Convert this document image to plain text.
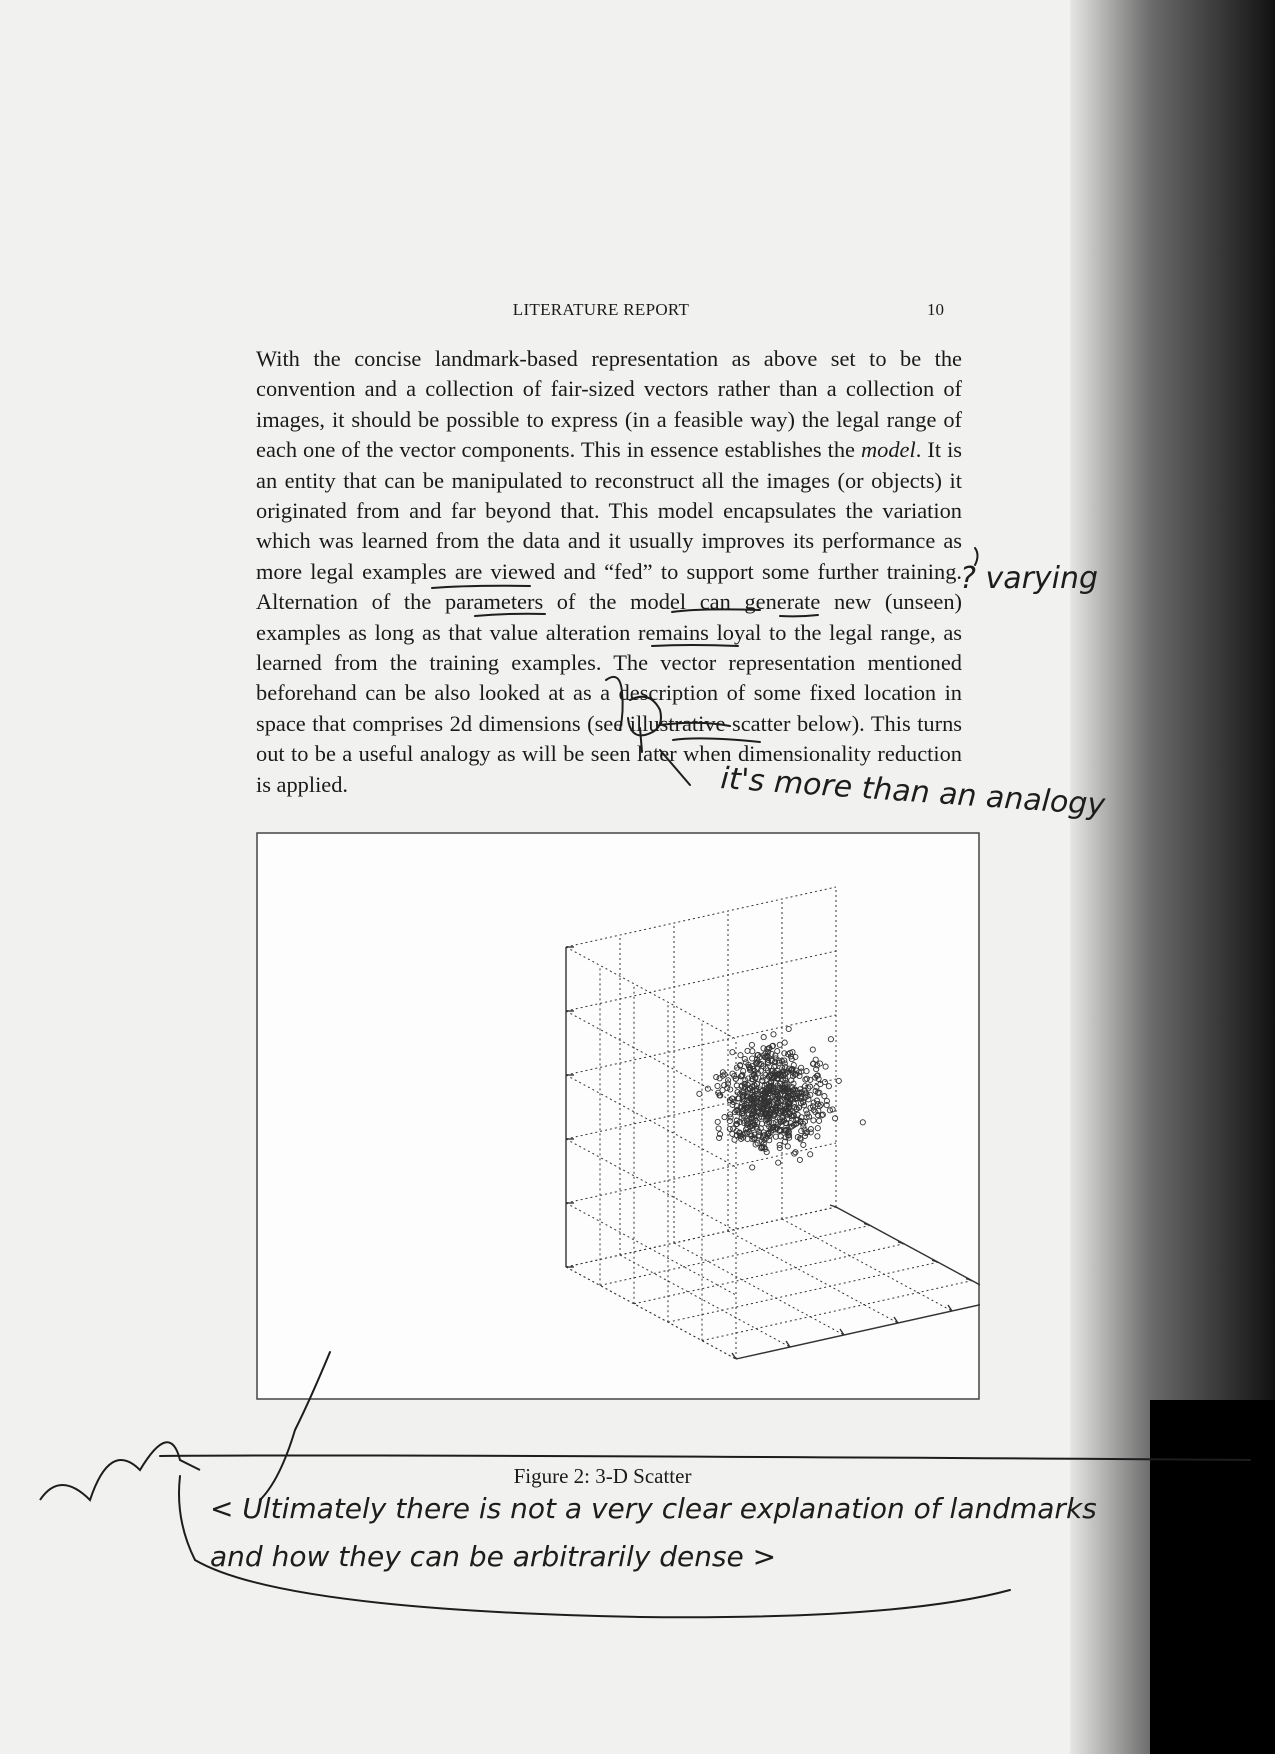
LITERATURE REPORT	10

With the concise landmark-based representation as above set to be the convention and a collection of fair-sized vectors rather than a collection of images, it should be possible to express (in a feasible way) the legal range of each one of the vector components. This in essence establishes the model. It is an entity that can be manipulated to reconstruct all the images (or objects) it originated from and far beyond that. This model encapsulates the variation which was learned from the data and it usually improves its performance as more legal examples are viewed and “fed” to support some further training. Alternation of the parameters of the model can generate new (unseen) examples as long as that value alteration remains loyal to the legal range, as learned from the training examples. The vector representation mentioned beforehand can be also looked at as a description of some fixed location in space that comprises 2d dimensions (see illustrative scatter below). This turns out to be a useful analogy as will be seen later when dimensionality reduction is applied.

Figure 2: 3-D Scatter
? varying
it's more than an analogy
< Ultimately there is not a very clear explanation of landmarks
and how they can be arbitrarily dense >
